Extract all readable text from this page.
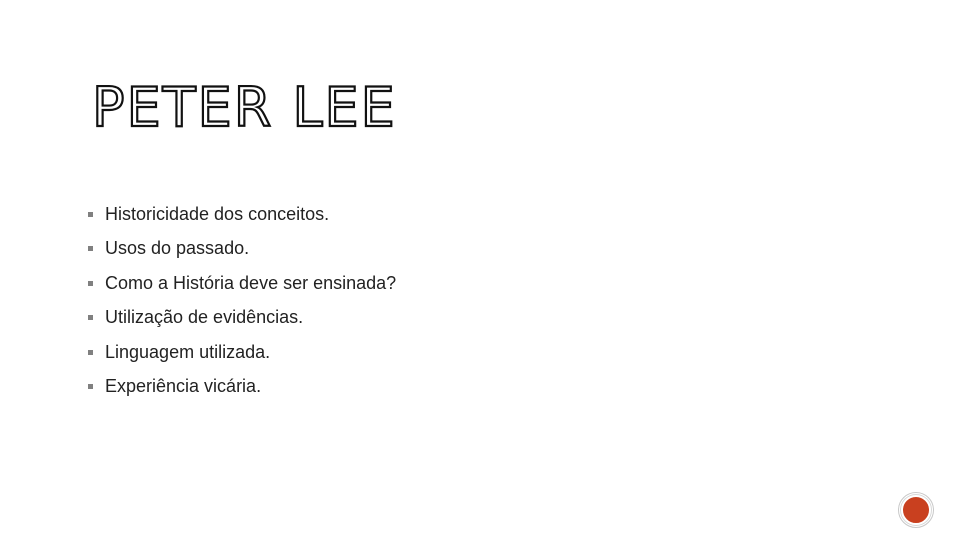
PETER LEE
Historicidade dos conceitos.
Usos do passado.
Como a História deve ser ensinada?
Utilização de evidências.
Linguagem utilizada.
Experiência vicária.
